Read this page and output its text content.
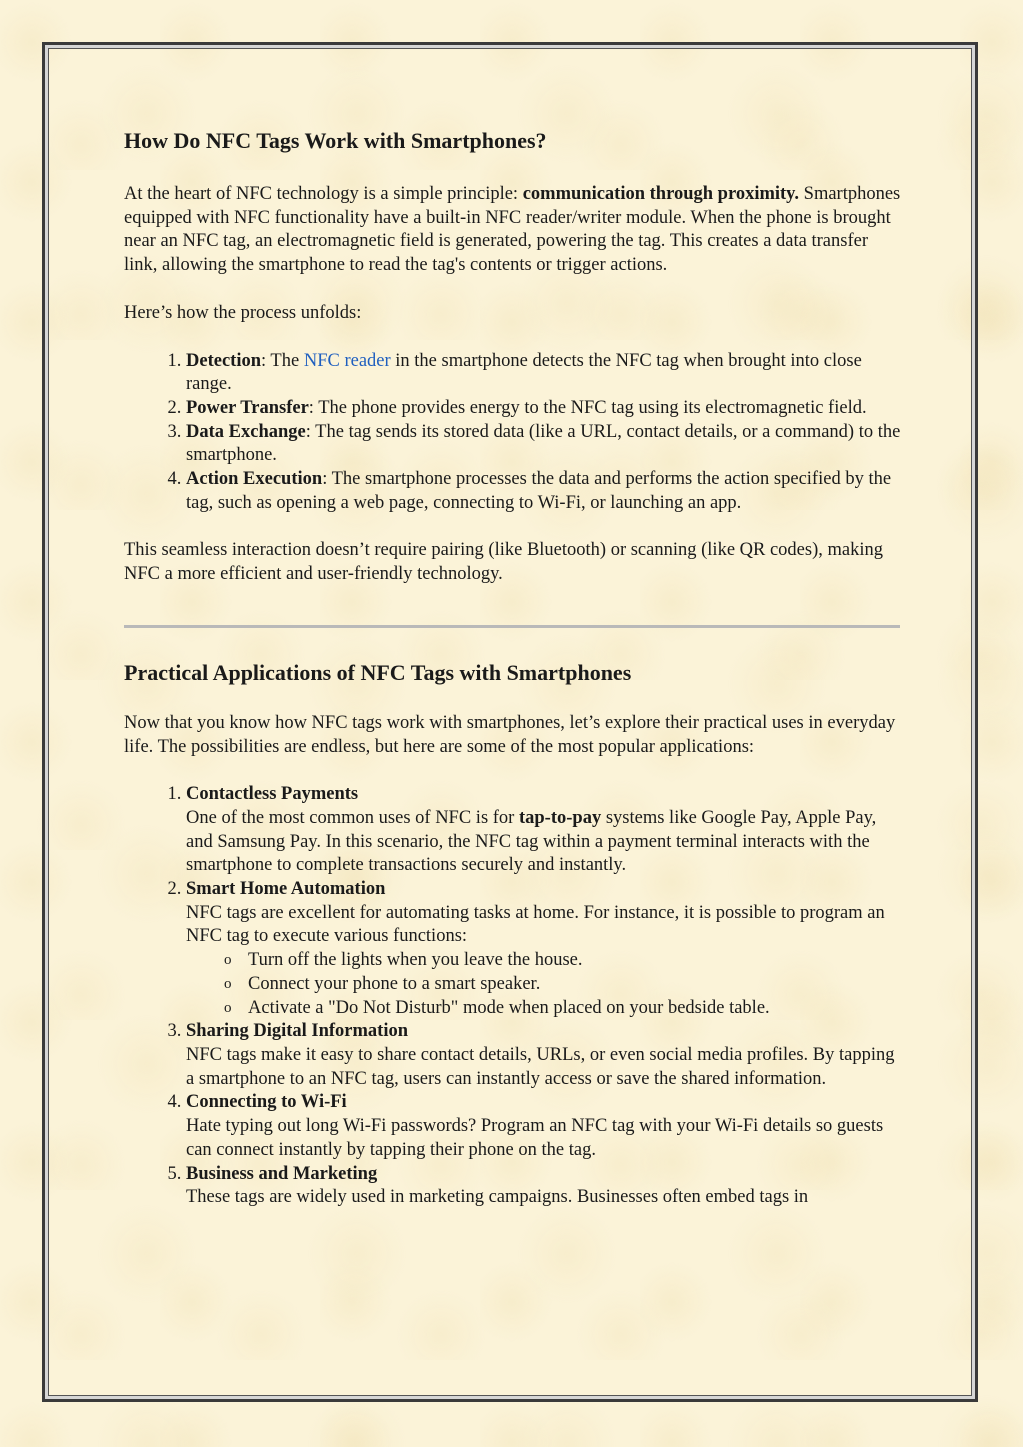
How Do NFC Tags Work with Smartphones?

At the heart of NFC technology is a simple principle: communication through proximity. Smartphones equipped with NFC functionality have a built-in NFC reader/writer module. When the phone is brought near an NFC tag, an electromagnetic field is generated, powering the tag. This creates a data transfer link, allowing the smartphone to read the tag's contents or trigger actions.

Here’s how the process unfolds:

1. Detection: The NFC reader in the smartphone detects the NFC tag when brought into close range.
2. Power Transfer: The phone provides energy to the NFC tag using its electromagnetic field.
3. Data Exchange: The tag sends its stored data (like a URL, contact details, or a command) to the smartphone.
4. Action Execution: The smartphone processes the data and performs the action specified by the tag, such as opening a web page, connecting to Wi-Fi, or launching an app.

This seamless interaction doesn’t require pairing (like Bluetooth) or scanning (like QR codes), making NFC a more efficient and user-friendly technology.

Practical Applications of NFC Tags with Smartphones

Now that you know how NFC tags work with smartphones, let’s explore their practical uses in everyday life. The possibilities are endless, but here are some of the most popular applications:

1. Contactless Payments
One of the most common uses of NFC is for tap-to-pay systems like Google Pay, Apple Pay, and Samsung Pay. In this scenario, the NFC tag within a payment terminal interacts with the smartphone to complete transactions securely and instantly.
2. Smart Home Automation
NFC tags are excellent for automating tasks at home. For instance, it is possible to program an NFC tag to execute various functions:
o Turn off the lights when you leave the house.
o Connect your phone to a smart speaker.
o Activate a "Do Not Disturb" mode when placed on your bedside table.
3. Sharing Digital Information
NFC tags make it easy to share contact details, URLs, or even social media profiles. By tapping a smartphone to an NFC tag, users can instantly access or save the shared information.
4. Connecting to Wi-Fi
Hate typing out long Wi-Fi passwords? Program an NFC tag with your Wi-Fi details so guests can connect instantly by tapping their phone on the tag.
5. Business and Marketing
These tags are widely used in marketing campaigns. Businesses often embed tags in
